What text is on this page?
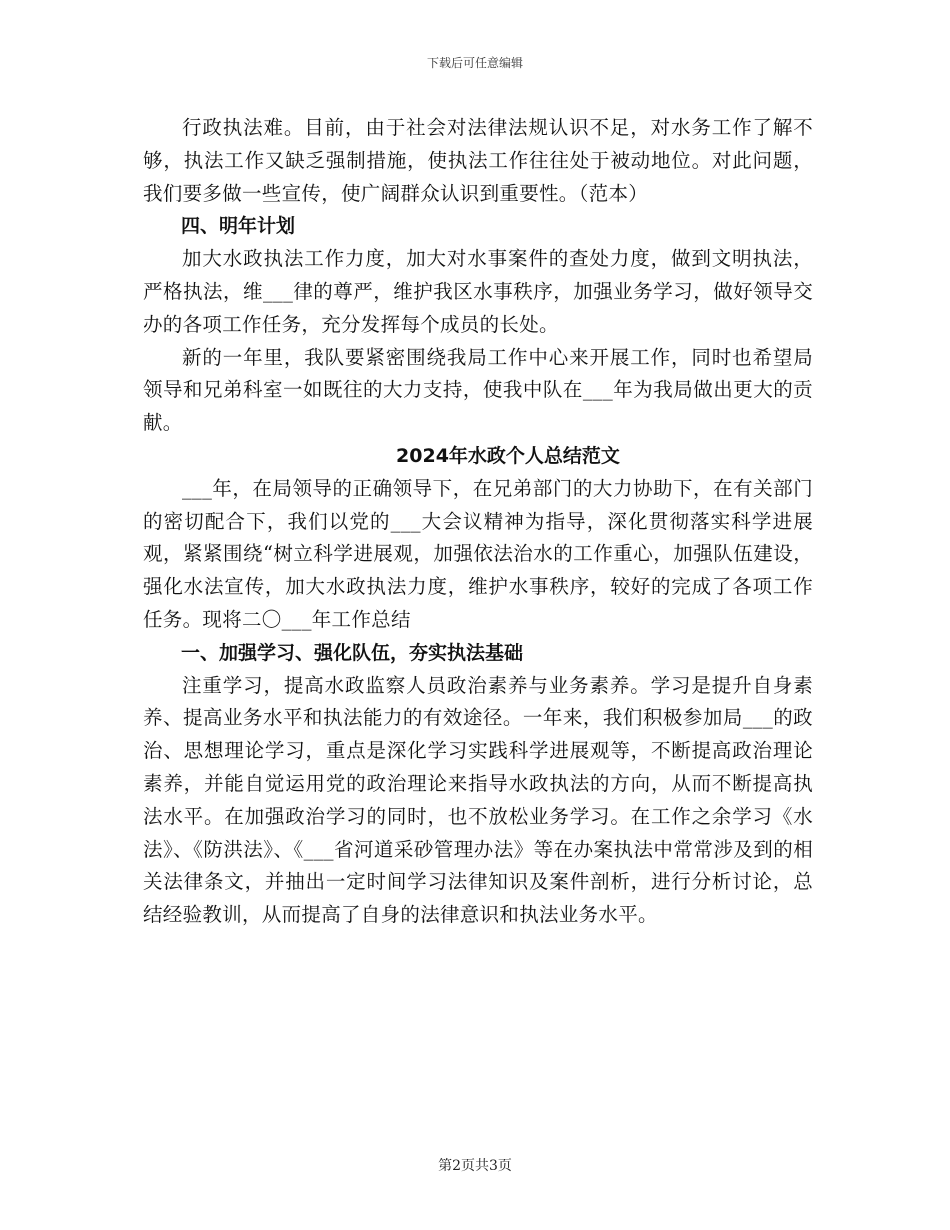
下载后可任意编辑

行政执法难。目前，由于社会对法律法规认识不足，对水务工作了解不够，执法工作又缺乏强制措施，使执法工作往往处于被动地位。对此问题，我们要多做一些宣传，使广阔群众认识到重要性。（范本）

四、明年计划

加大水政执法工作力度，加大对水事案件的查处力度，做到文明执法，严格执法，维___律的尊严，维护我区水事秩序，加强业务学习，做好领导交办的各项工作任务，充分发挥每个成员的长处。

新的一年里，我队要紧密围绕我局工作中心来开展工作，同时也希望局领导和兄弟科室一如既往的大力支持，使我中队在___年为我局做出更大的贡献。

2024年水政个人总结范文

___年，在局领导的正确领导下，在兄弟部门的大力协助下，在有关部门的密切配合下，我们以党的___大会议精神为指导，深化贯彻落实科学进展观，紧紧围绕“树立科学进展观，加强依法治水的工作重心，加强队伍建设，强化水法宣传，加大水政执法力度，维护水事秩序，较好的完成了各项工作任务。现将二〇___年工作总结

一、加强学习、强化队伍，夯实执法基础

注重学习，提高水政监察人员政治素养与业务素养。学习是提升自身素养、提高业务水平和执法能力的有效途径。一年来，我们积极参加局___的政治、思想理论学习，重点是深化学习实践科学进展观等，不断提高政治理论素养，并能自觉运用党的政治理论来指导水政执法的方向，从而不断提高执法水平。在加强政治学习的同时，也不放松业务学习。在工作之余学习《水法》、《防洪法》、《___省河道采砂管理办法》等在办案执法中常常涉及到的相关法律条文，并抽出一定时间学习法律知识及案件剖析，进行分析讨论，总结经验教训，从而提高了自身的法律意识和执法业务水平。

第2页共3页
